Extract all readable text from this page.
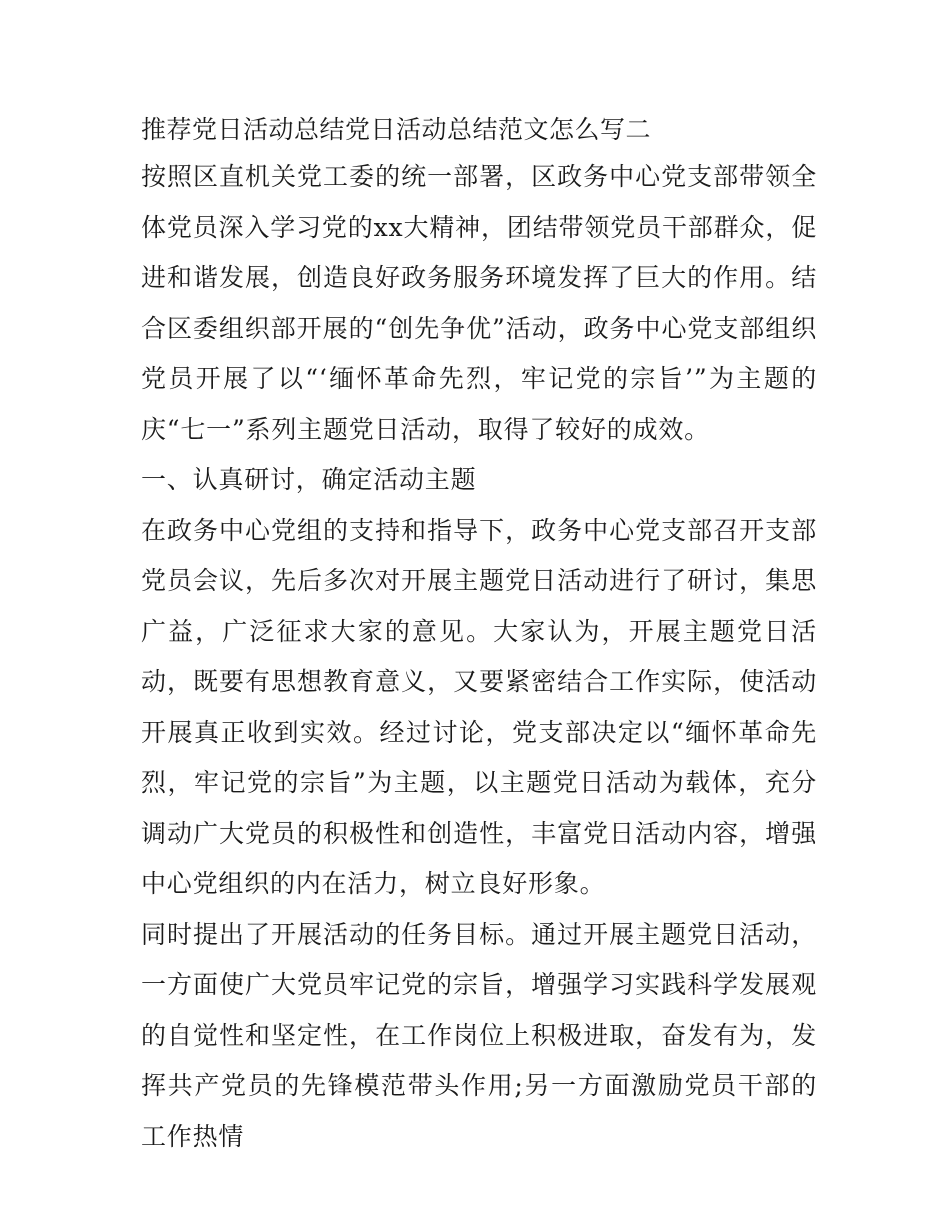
推荐党日活动总结党日活动总结范文怎么写二

按照区直机关党工委的统一部署，区政务中心党支部带领全体党员深入学习党的xx大精神，团结带领党员干部群众，促进和谐发展，创造良好政务服务环境发挥了巨大的作用。结合区委组织部开展的“创先争优”活动，政务中心党支部组织党员开展了以“‘缅怀革命先烈，牢记党的宗旨’”为主题的庆“七一”系列主题党日活动，取得了较好的成效。

一、认真研讨，确定活动主题

在政务中心党组的支持和指导下，政务中心党支部召开支部党员会议，先后多次对开展主题党日活动进行了研讨，集思广益，广泛征求大家的意见。大家认为，开展主题党日活动，既要有思想教育意义，又要紧密结合工作实际，使活动开展真正收到实效。经过讨论，党支部决定以“缅怀革命先烈，牢记党的宗旨”为主题，以主题党日活动为载体，充分调动广大党员的积极性和创造性，丰富党日活动内容，增强中心党组织的内在活力，树立良好形象。

同时提出了开展活动的任务目标。通过开展主题党日活动，一方面使广大党员牢记党的宗旨，增强学习实践科学发展观的自觉性和坚定性，在工作岗位上积极进取，奋发有为，发挥共产党员的先锋模范带头作用;另一方面激励党员干部的工作热情
